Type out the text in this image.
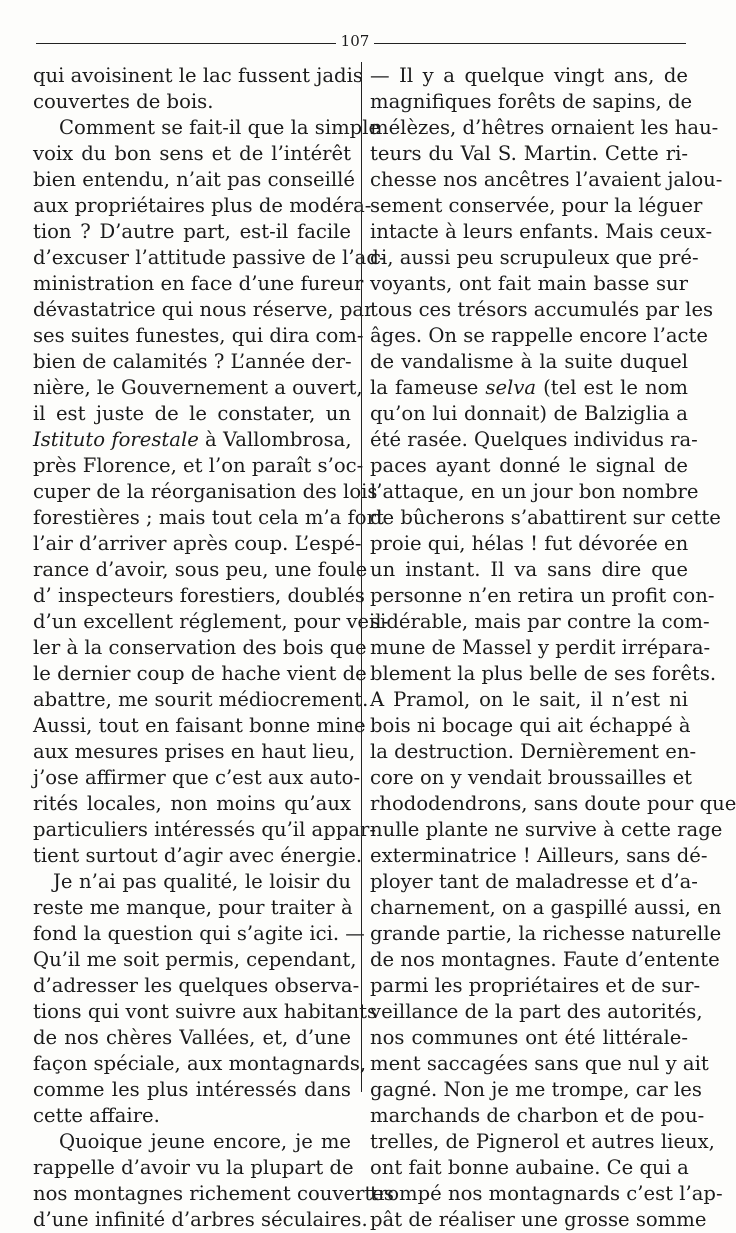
107
qui avoisinent le lac fussent jadis
couvertes de bois.
Comment se fait-il que la simple
voix du bon sens et de l’intérêt
bien entendu, n’ait pas conseillé
aux propriétaires plus de modéra-
tion ? D’autre part, est-il facile
d’excuser l’attitude passive de l’ad-
ministration en face d’une fureur
dévastatrice qui nous réserve, par
ses suites funestes, qui dira com-
bien de calamités ? L’année der-
nière, le Gouvernement a ouvert,
il est juste de le constater, un
Istituto forestale à Vallombrosa,
près Florence, et l’on paraît s’oc-
cuper de la réorganisation des lois
forestières ; mais tout cela m’a fort
l’air d’arriver après coup. L’espé-
rance d’avoir, sous peu, une foule
d’ inspecteurs forestiers, doublés
d’un excellent réglement, pour veil-
ler à la conservation des bois que
le dernier coup de hache vient de
abattre, me sourit médiocrement.
Aussi, tout en faisant bonne mine
aux mesures prises en haut lieu,
j’ose affirmer que c’est aux auto-
rités locales, non moins qu’aux
particuliers intéressés qu’il appar-
tient surtout d’agir avec énergie.
Je n’ai pas qualité, le loisir du
reste me manque, pour traiter à
fond la question qui s’agite ici. —
Qu’il me soit permis, cependant,
d’adresser les quelques observa-
tions qui vont suivre aux habitants
de nos chères Vallées, et, d’une
façon spéciale, aux montagnards,
comme les plus intéressés dans
cette affaire.
Quoique jeune encore, je me
rappelle d’avoir vu la plupart de
nos montagnes richement couvertes
d’une infinité d’arbres séculaires.
— Il y a quelque vingt ans, de
magnifiques forêts de sapins, de
mélèzes, d’hêtres ornaient les hau-
teurs du Val S. Martin. Cette ri-
chesse nos ancêtres l’avaient jalou-
sement conservée, pour la léguer
intacte à leurs enfants. Mais ceux-
ci, aussi peu scrupuleux que pré-
voyants, ont fait main basse sur
tous ces trésors accumulés par les
âges. On se rappelle encore l’acte
de vandalisme à la suite duquel
la fameuse selva (tel est le nom
qu’on lui donnait) de Balziglia a
été rasée. Quelques individus ra-
paces ayant donné le signal de
l’attaque, en un jour bon nombre
de bûcherons s’abattirent sur cette
proie qui, hélas ! fut dévorée en
un instant. Il va sans dire que
personne n’en retira un profit con-
sidérable, mais par contre la com-
mune de Massel y perdit irrépara-
blement la plus belle de ses forêts.
A Pramol, on le sait, il n’est ni
bois ni bocage qui ait échappé à
la destruction. Dernièrement en-
core on y vendait broussailles et
rhododendrons, sans doute pour que
nulle plante ne survive à cette rage
exterminatrice ! Ailleurs, sans dé-
ployer tant de maladresse et d’a-
charnement, on a gaspillé aussi, en
grande partie, la richesse naturelle
de nos montagnes. Faute d’entente
parmi les propriétaires et de sur-
veillance de la part des autorités,
nos communes ont été littérale-
ment saccagées sans que nul y ait
gagné. Non je me trompe, car les
marchands de charbon et de pou-
trelles, de Pignerol et autres lieux,
ont fait bonne aubaine. Ce qui a
trompé nos montagnards c’est l’ap-
pât de réaliser une grosse somme
